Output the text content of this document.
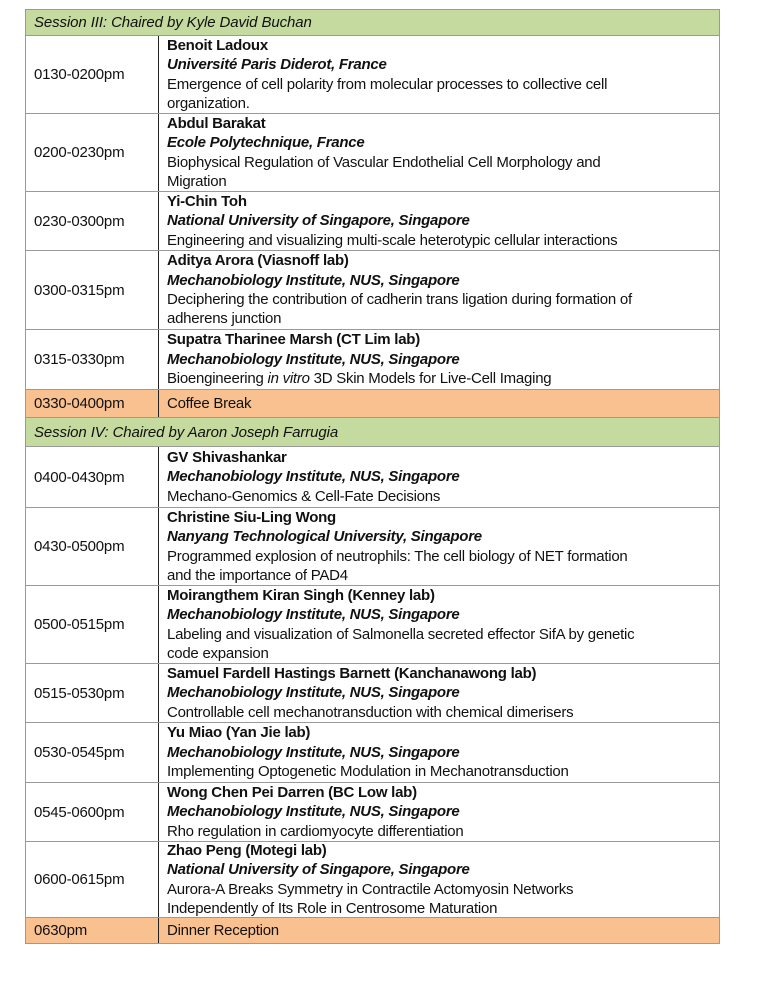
Session III: Chaired by Kyle David Buchan
0130-0200pm
Benoit Ladoux
Université Paris Diderot, France
Emergence of cell polarity from molecular processes to collective cell
organization.
0200-0230pm
Abdul Barakat
Ecole Polytechnique, France
Biophysical Regulation of Vascular Endothelial Cell Morphology and
Migration
0230-0300pm
Yi-Chin Toh
National University of Singapore, Singapore
Engineering and visualizing multi-scale heterotypic cellular interactions
0300-0315pm
Aditya Arora (Viasnoff lab)
Mechanobiology Institute, NUS, Singapore
Deciphering the contribution of cadherin trans ligation during formation of
adherens junction
0315-0330pm
Supatra Tharinee Marsh (CT Lim lab)
Mechanobiology Institute, NUS, Singapore
Bioengineering in vitro 3D Skin Models for Live-Cell Imaging
0330-0400pm	Coffee Break
Session IV: Chaired by Aaron Joseph Farrugia
0400-0430pm
GV Shivashankar
Mechanobiology Institute, NUS, Singapore
Mechano-Genomics & Cell-Fate Decisions
0430-0500pm
Christine Siu-Ling Wong
Nanyang Technological University, Singapore
Programmed explosion of neutrophils: The cell biology of NET formation
and the importance of PAD4
0500-0515pm
Moirangthem Kiran Singh (Kenney lab)
Mechanobiology Institute, NUS, Singapore
Labeling and visualization of Salmonella secreted effector SifA by genetic
code expansion
0515-0530pm
Samuel Fardell Hastings Barnett (Kanchanawong lab)
Mechanobiology Institute, NUS, Singapore
Controllable cell mechanotransduction with chemical dimerisers
0530-0545pm
Yu Miao (Yan Jie lab)
Mechanobiology Institute, NUS, Singapore
Implementing Optogenetic Modulation in Mechanotransduction
0545-0600pm
Wong Chen Pei Darren (BC Low lab)
Mechanobiology Institute, NUS, Singapore
Rho regulation in cardiomyocyte differentiation
0600-0615pm
Zhao Peng (Motegi lab)
National University of Singapore, Singapore
Aurora-A Breaks Symmetry in Contractile Actomyosin Networks
Independently of Its Role in Centrosome Maturation
0630pm	Dinner Reception
